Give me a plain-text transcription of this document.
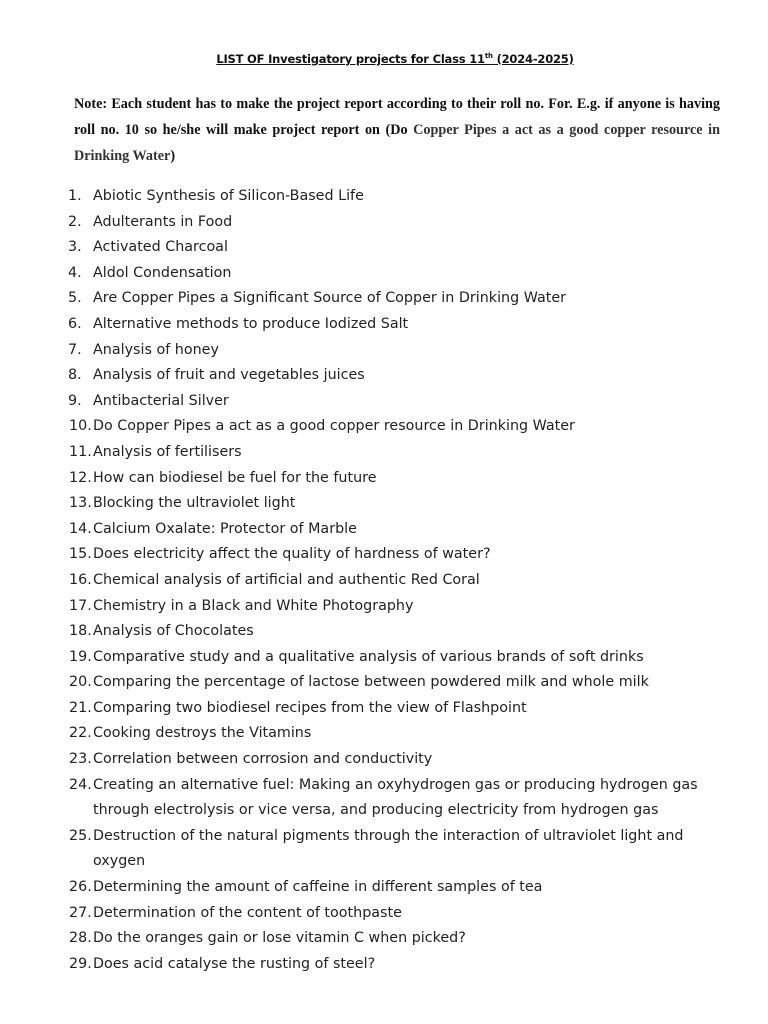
LIST OF Investigatory projects for Class 11th (2024-2025)
Note: Each student has to make the project report according to their roll no. For. E.g. if anyone is having roll no. 10 so he/she will make project report on (Do Copper Pipes a act as a good copper resource in Drinking Water)
1. Abiotic Synthesis of Silicon-Based Life
2. Adulterants in Food
3. Activated Charcoal
4. Aldol Condensation
5. Are Copper Pipes a Significant Source of Copper in Drinking Water
6. Alternative methods to produce Iodized Salt
7. Analysis of honey
8. Analysis of fruit and vegetables juices
9. Antibacterial Silver
10. Do Copper Pipes a act as a good copper resource in Drinking Water
11. Analysis of fertilisers
12. How can biodiesel be fuel for the future
13. Blocking the ultraviolet light
14. Calcium Oxalate: Protector of Marble
15. Does electricity affect the quality of hardness of water?
16. Chemical analysis of artificial and authentic Red Coral
17. Chemistry in a Black and White Photography
18. Analysis of Chocolates
19. Comparative study and a qualitative analysis of various brands of soft drinks
20. Comparing the percentage of lactose between powdered milk and whole milk
21. Comparing two biodiesel recipes from the view of Flashpoint
22. Cooking destroys the Vitamins
23. Correlation between corrosion and conductivity
24. Creating an alternative fuel: Making an oxyhydrogen gas or producing hydrogen gas through electrolysis or vice versa, and producing electricity from hydrogen gas
25. Destruction of the natural pigments through the interaction of ultraviolet light and oxygen
26. Determining the amount of caffeine in different samples of tea
27. Determination of the content of toothpaste
28. Do the oranges gain or lose vitamin C when picked?
29. Does acid catalyse the rusting of steel?
